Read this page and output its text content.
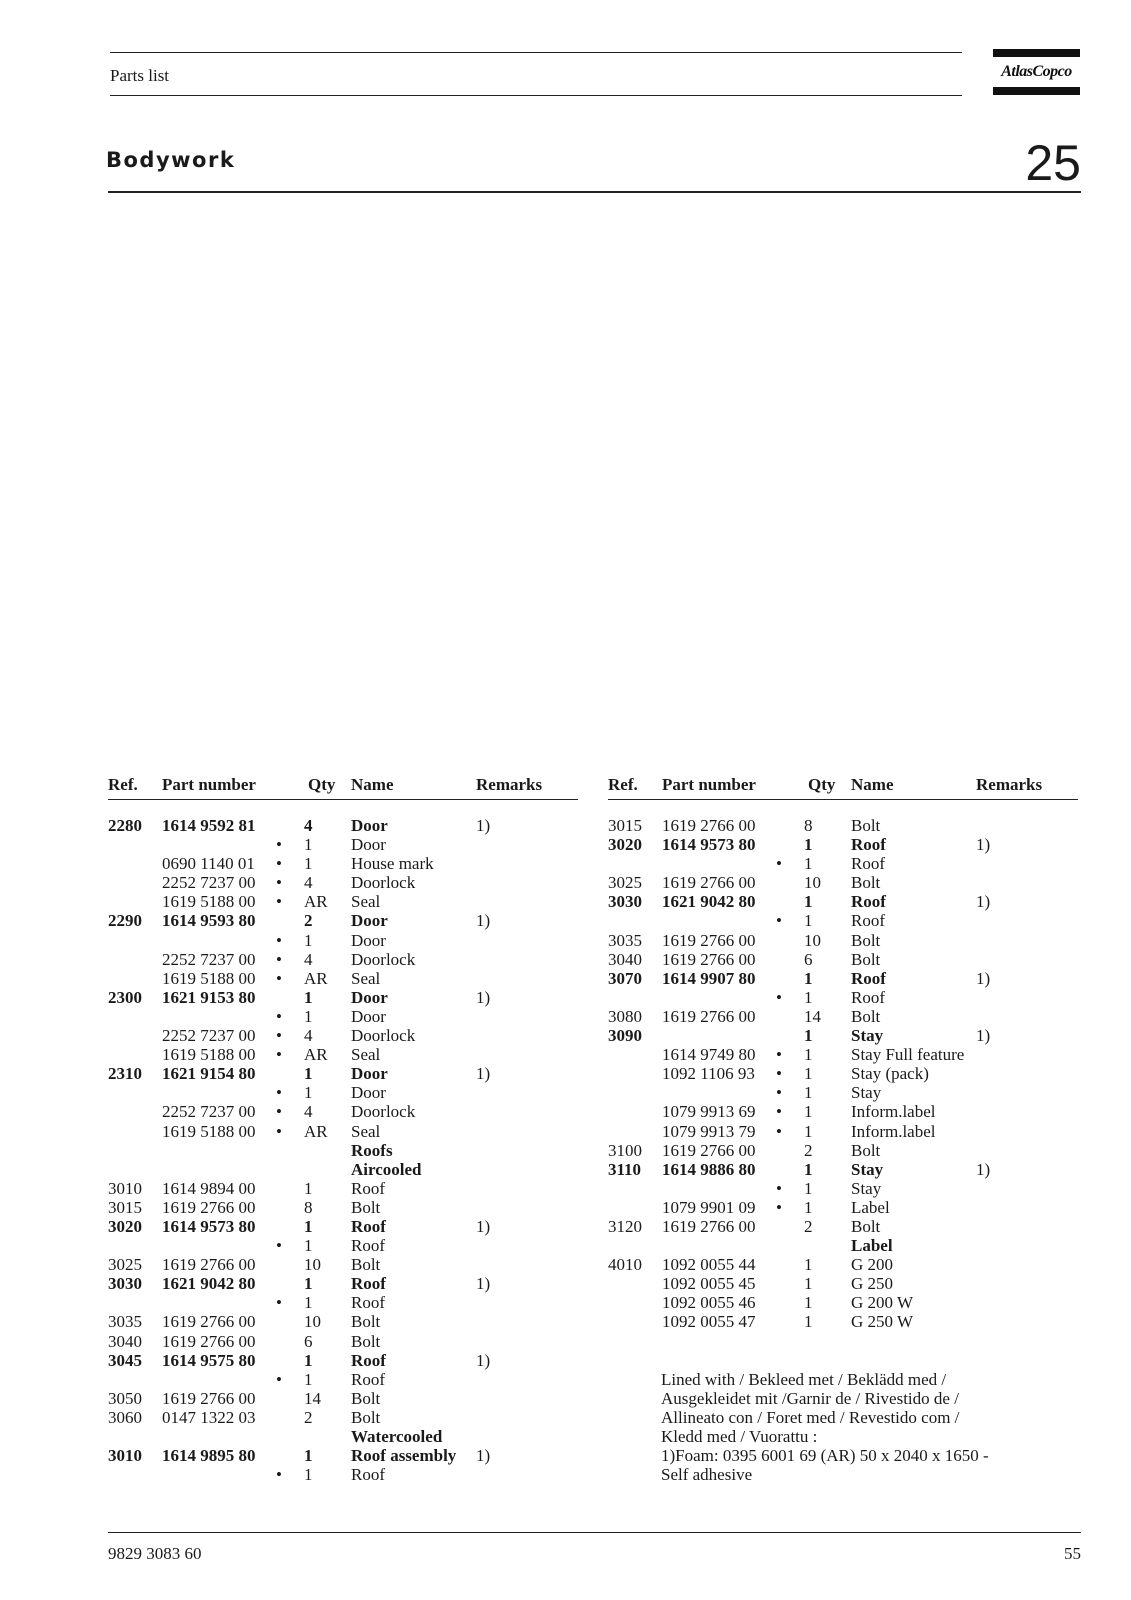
Parts list	AtlasCopco
Bodywork	25
Ref. Part number	Qty Name	Remarks
2280 1614 9592 81	4 Door	1)
• 1 Door
0690 1140 01 • 1 House mark
2252 7237 00 • 4 Doorlock
1619 5188 00 • AR Seal
2290 1614 9593 80	2 Door	1)
• 1 Door
2252 7237 00 • 4 Doorlock
1619 5188 00 • AR Seal
2300 1621 9153 80	1 Door	1)
• 1 Door
2252 7237 00 • 4 Doorlock
1619 5188 00 • AR Seal
2310 1621 9154 80	1 Door	1)
• 1 Door
2252 7237 00 • 4 Doorlock
1619 5188 00 • AR Seal
Roofs
Aircooled
3010 1614 9894 00	1 Roof
3015 1619 2766 00	8 Bolt
3020 1614 9573 80	1 Roof	1)
• 1 Roof
3025 1619 2766 00	10 Bolt
3030 1621 9042 80	1 Roof	1)
• 1 Roof
3035 1619 2766 00	10 Bolt
3040 1619 2766 00	6 Bolt
3045 1614 9575 80	1 Roof	1)
• 1 Roof
3050 1619 2766 00	14 Bolt
3060 0147 1322 03	2 Bolt
Watercooled
3010 1614 9895 80	1 Roof assembly 1)
• 1 Roof
Ref. Part number	Qty Name	Remarks
3015 1619 2766 00	8 Bolt
3020 1614 9573 80	1 Roof	1)
• 1 Roof
3025 1619 2766 00	10 Bolt
3030 1621 9042 80	1 Roof	1)
• 1 Roof
3035 1619 2766 00	10 Bolt
3040 1619 2766 00	6 Bolt
3070 1614 9907 80	1 Roof	1)
• 1 Roof
3080 1619 2766 00	14 Bolt
3090	1 Stay	1)
1614 9749 80 • 1 Stay Full feature
1092 1106 93 • 1 Stay (pack)
• 1 Stay
1079 9913 69 • 1 Inform.label
1079 9913 79 • 1 Inform.label
3100 1619 2766 00	2 Bolt
3110 1614 9886 80	1 Stay	1)
• 1 Stay
1079 9901 09 • 1 Label
3120 1619 2766 00	2 Bolt
Label
4010 1092 0055 44	1 G 200
1092 0055 45	1 G 250
1092 0055 46	1 G 200 W
1092 0055 47	1 G 250 W
Lined with / Bekleed met / Beklädd med /
Ausgekleidet mit /Garnir de / Rivestido de /
Allineato con / Foret med / Revestido com /
Kledd med / Vuorattu :
1)Foam: 0395 6001 69 (AR) 50 x 2040 x 1650 -
Self adhesive
9829 3083 60	55
